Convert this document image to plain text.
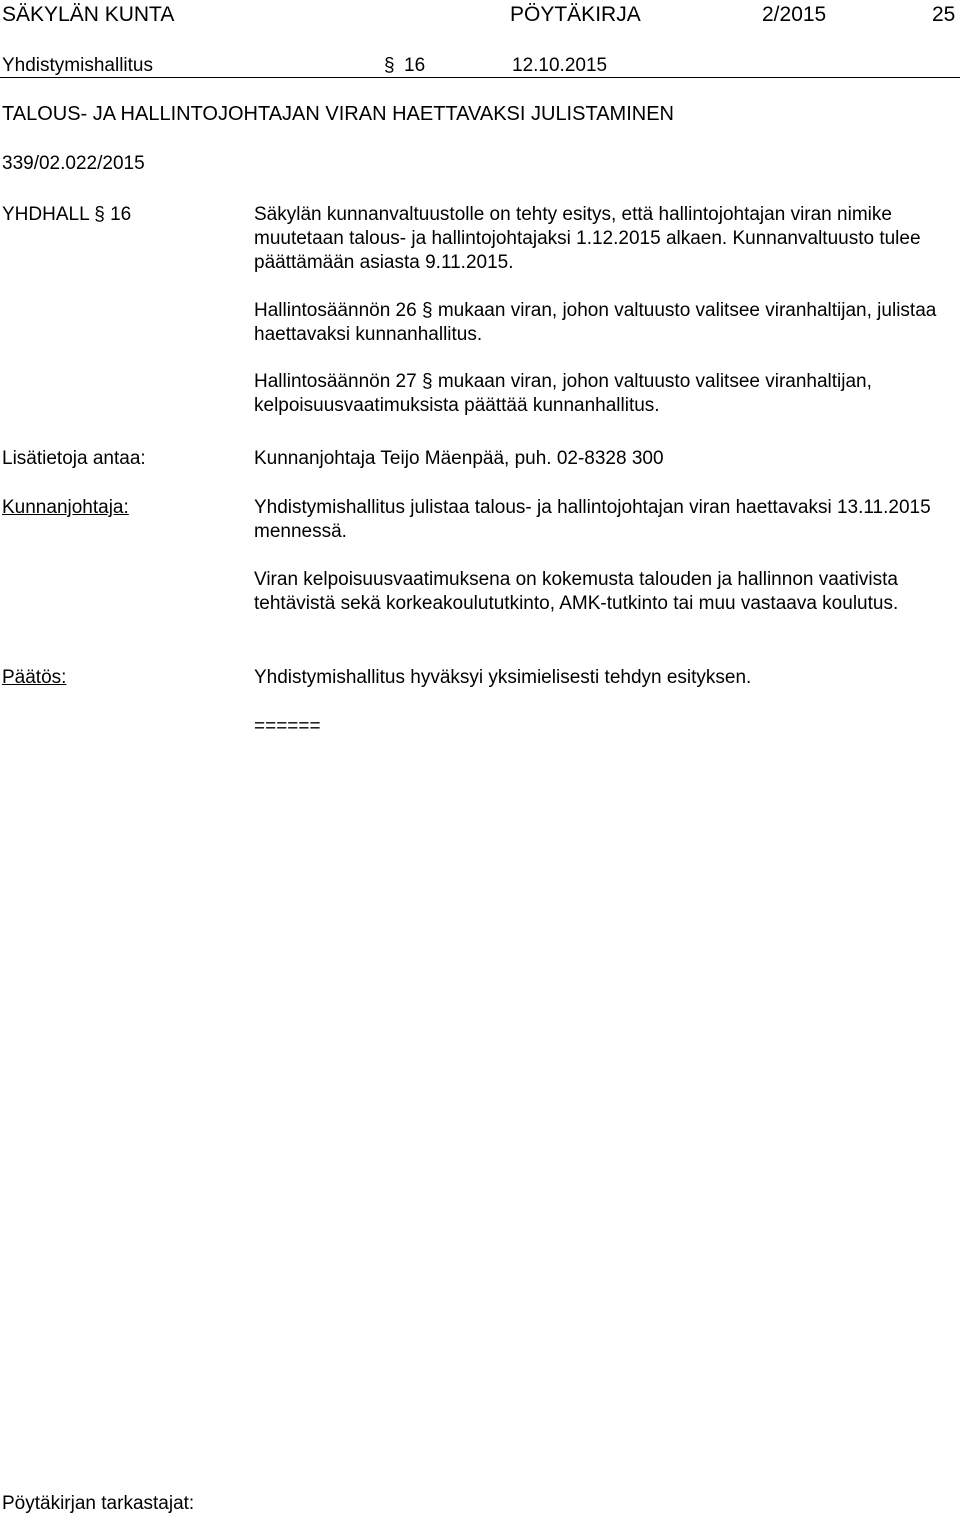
SÄKYLÄN KUNTA	PÖYTÄKIRJA	2/2015	25
Yhdistymishallitus	§ 16	12.10.2015
TALOUS- JA HALLINTOJOHTAJAN VIRAN HAETTAVAKSI JULISTAMINEN
339/02.022/2015
YHDHALL § 16	Säkylän kunnanvaltuustolle on tehty esitys, että hallintojohtajan viran nimike muutetaan talous- ja hallintojohtajaksi 1.12.2015 alkaen. Kunnanvaltuusto tulee päättämään asiasta 9.11.2015.
Hallintosäännön 26 § mukaan viran, johon valtuusto valitsee viranhaltijan, julistaa haettavaksi kunnanhallitus.
Hallintosäännön 27 § mukaan viran, johon valtuusto valitsee viranhaltijan, kelpoisuusvaatimuksista päättää kunnanhallitus.
Lisätietoja antaa:	Kunnanjohtaja Teijo Mäenpää, puh. 02-8328 300
Kunnanjohtaja:	Yhdistymishallitus julistaa talous- ja hallintojohtajan viran haettavaksi 13.11.2015 mennessä.
Viran kelpoisuusvaatimuksena on kokemusta talouden ja hallinnon vaativista tehtävistä sekä korkeakoulututkinto, AMK-tutkinto tai muu vastaava koulutus.
Päätös:	Yhdistymishallitus hyväksyi yksimielisesti tehdyn esityksen.
======
Pöytäkirjan tarkastajat:
